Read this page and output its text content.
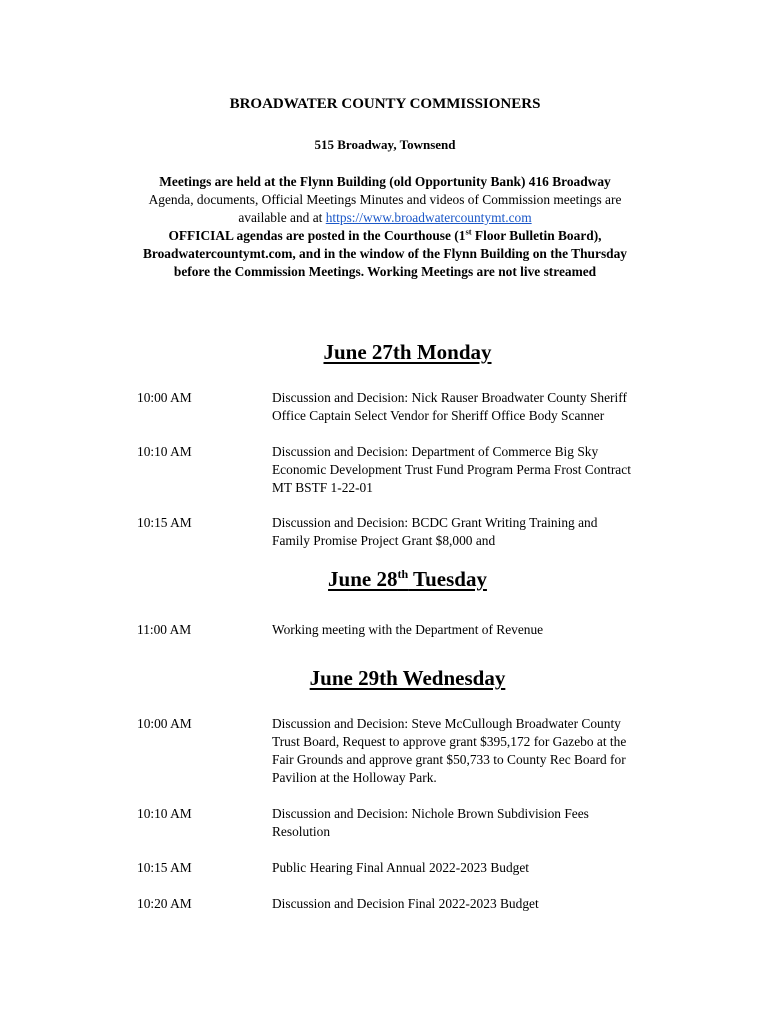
BROADWATER COUNTY COMMISSIONERS
515 Broadway, Townsend
Meetings are held at the Flynn Building (old Opportunity Bank) 416 Broadway
Agenda, documents, Official Meetings Minutes and videos of Commission meetings are
available and at https://www.broadwatercountymt.com
OFFICIAL agendas are posted in the Courthouse (1st Floor Bulletin Board),
Broadwatercountymt.com, and in the window of the Flynn Building on the Thursday
before the Commission Meetings. Working Meetings are not live streamed
June 27th Monday
10:00 AM	Discussion and Decision: Nick Rauser Broadwater County Sheriff
Office Captain Select Vendor for Sheriff Office Body Scanner
10:10 AM	Discussion and Decision: Department of Commerce Big Sky
Economic Development Trust Fund Program Perma Frost Contract
MT BSTF 1-22-01
10:15 AM	Discussion and Decision: BCDC Grant Writing Training and
Family Promise Project Grant $8,000 and
June 28th Tuesday
11:00 AM	Working meeting with the Department of Revenue
June 29th Wednesday
10:00 AM	Discussion and Decision: Steve McCullough Broadwater County
Trust Board, Request to approve grant $395,172 for Gazebo at the
Fair Grounds and approve grant $50,733 to County Rec Board for
Pavilion at the Holloway Park.
10:10 AM	Discussion and Decision: Nichole Brown Subdivision Fees
Resolution
10:15 AM	Public Hearing Final Annual 2022-2023 Budget
10:20 AM	Discussion and Decision Final 2022-2023 Budget
